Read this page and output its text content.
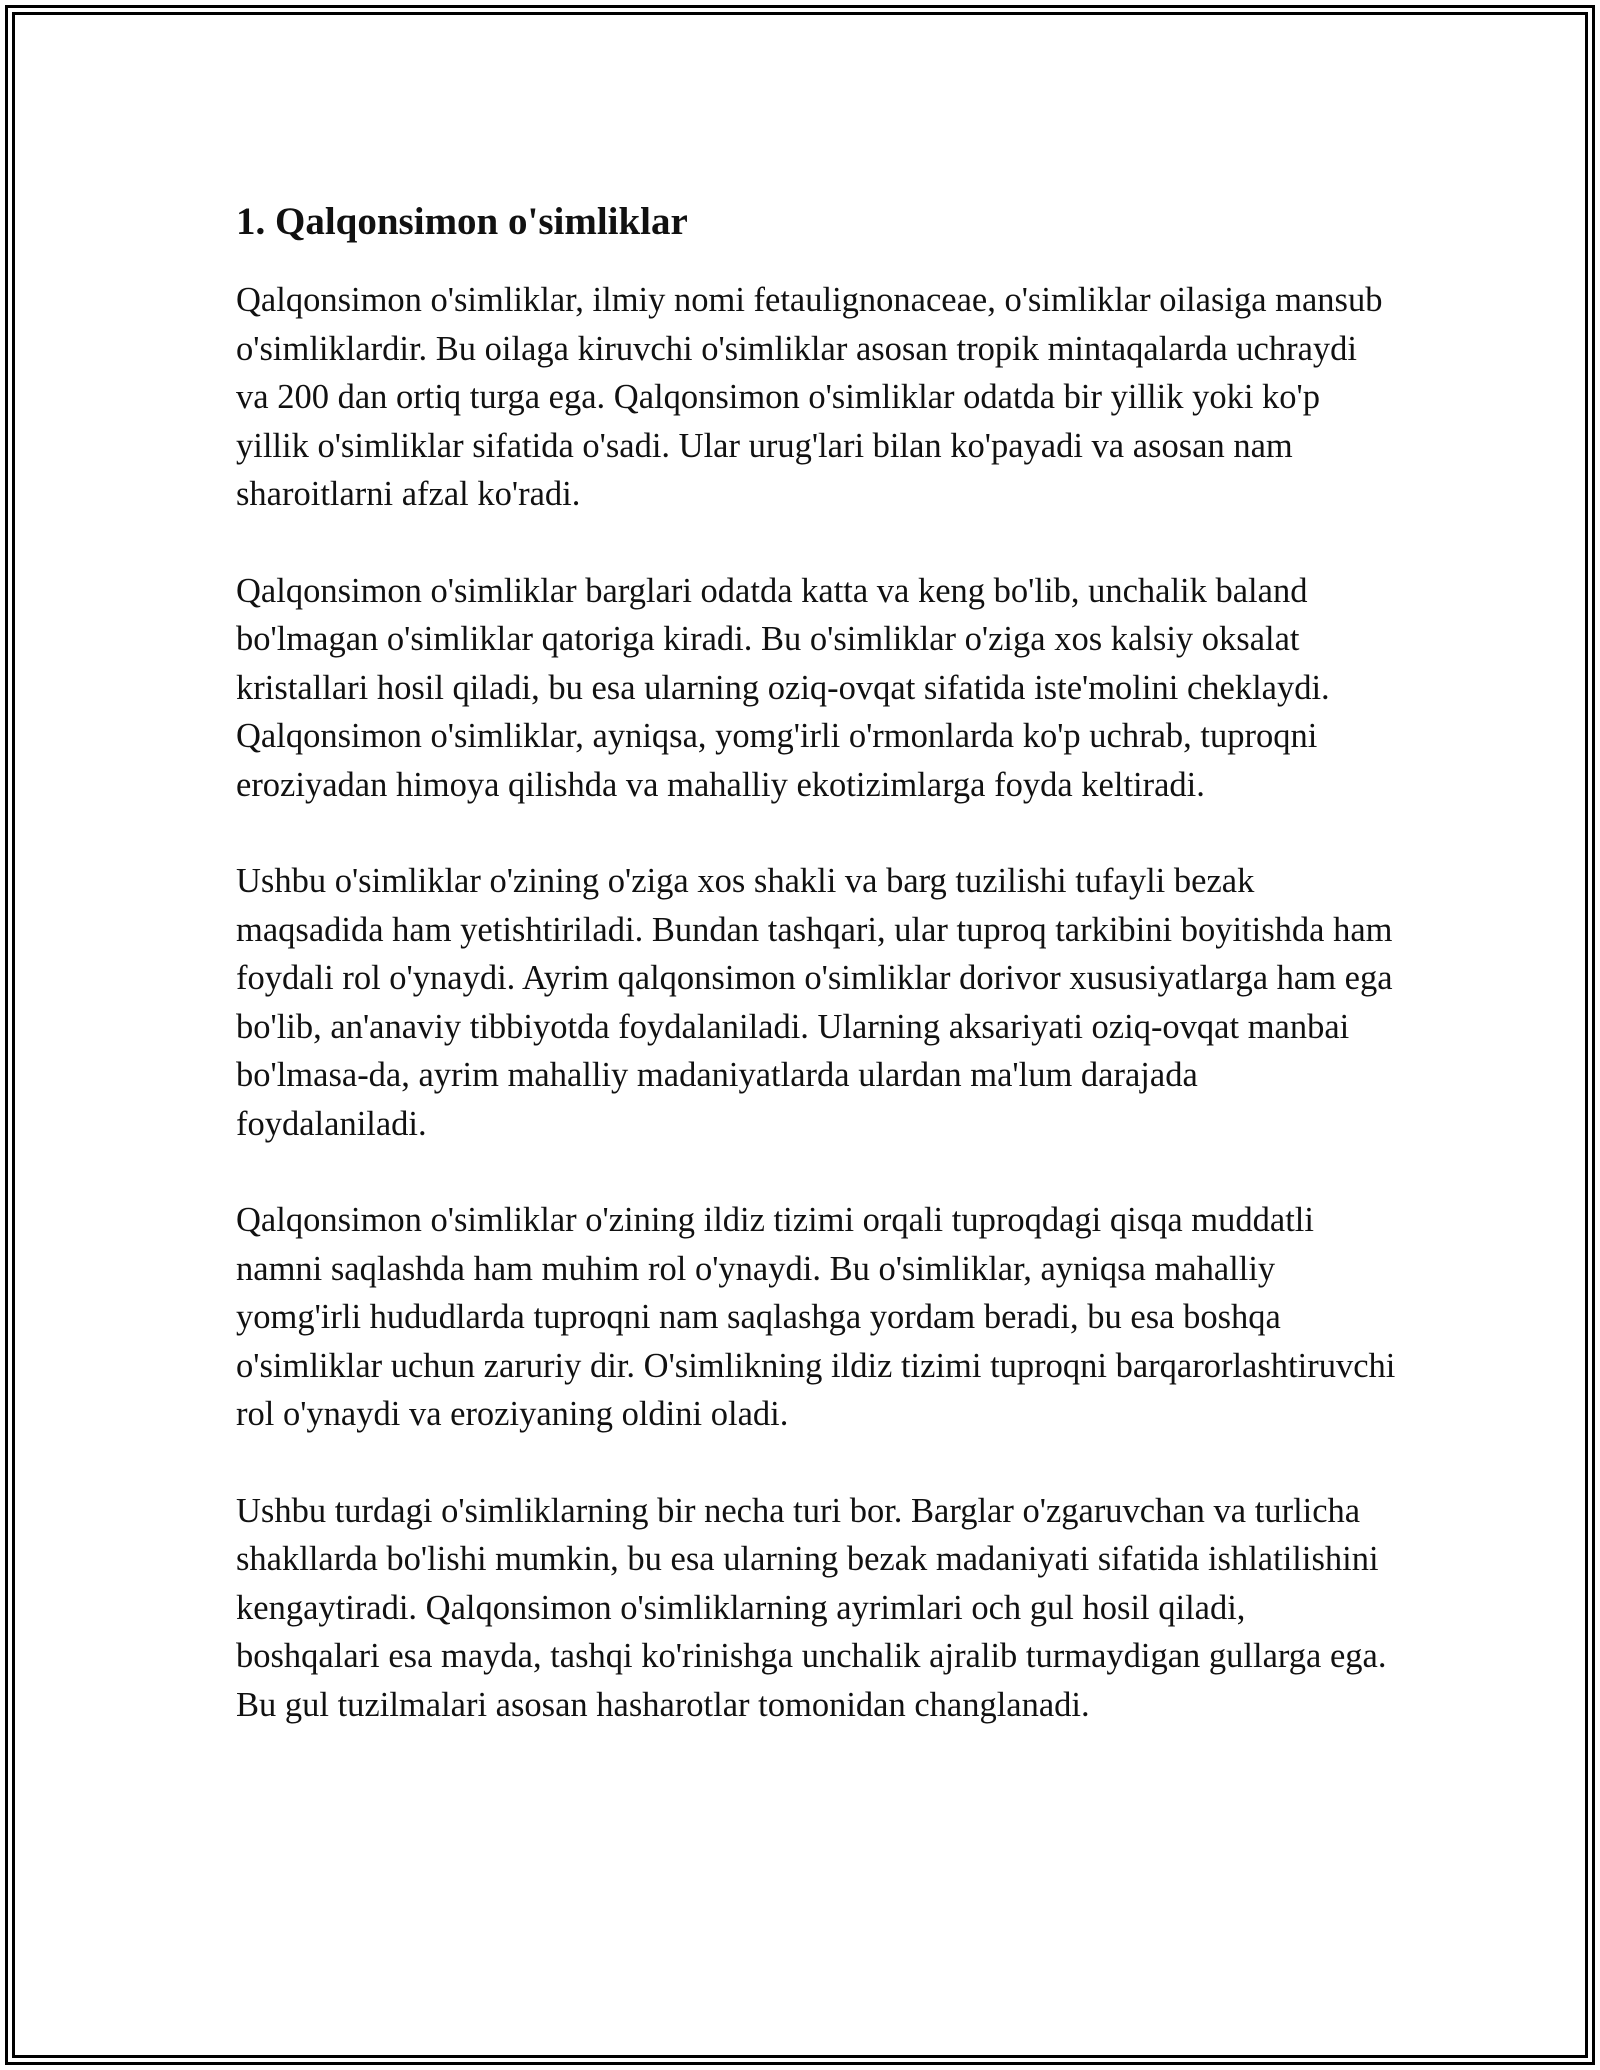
1. Qalqonsimon o'simliklar

Qalqonsimon o'simliklar, ilmiy nomi fetaulignonaceae, o'simliklar oilasiga mansub o'simliklardir. Bu oilaga kiruvchi o'simliklar asosan tropik mintaqalarda uchraydi va 200 dan ortiq turga ega. Qalqonsimon o'simliklar odatda bir yillik yoki ko'p yillik o'simliklar sifatida o'sadi. Ular urug'lari bilan ko'payadi va asosan nam sharoitlarni afzal ko'radi.

Qalqonsimon o'simliklar barglari odatda katta va keng bo'lib, unchalik baland bo'lmagan o'simliklar qatoriga kiradi. Bu o'simliklar o'ziga xos kalsiy oksalat kristallari hosil qiladi, bu esa ularning oziq-ovqat sifatida iste'molini cheklaydi. Qalqonsimon o'simliklar, ayniqsa, yomg'irli o'rmonlarda ko'p uchrab, tuproqni eroziyadan himoya qilishda va mahalliy ekotizimlarga foyda keltiradi.

Ushbu o'simliklar o'zining o'ziga xos shakli va barg tuzilishi tufayli bezak maqsadida ham yetishtiriladi. Bundan tashqari, ular tuproq tarkibini boyitishda ham foydali rol o'ynaydi. Ayrim qalqonsimon o'simliklar dorivor xususiyatlarga ham ega bo'lib, an'anaviy tibbiyotda foydalaniladi. Ularning aksariyati oziq-ovqat manbai bo'lmasa-da, ayrim mahalliy madaniyatlarda ulardan ma'lum darajada foydalaniladi.

Qalqonsimon o'simliklar o'zining ildiz tizimi orqali tuproqdagi qisqa muddatli namni saqlashda ham muhim rol o'ynaydi. Bu o'simliklar, ayniqsa mahalliy yomg'irli hududlarda tuproqni nam saqlashga yordam beradi, bu esa boshqa o'simliklar uchun zaruriy dir. O'simlikning ildiz tizimi tuproqni barqarorlashtiruvchi rol o'ynaydi va eroziyaning oldini oladi.

Ushbu turdagi o'simliklarning bir necha turi bor. Barglar o'zgaruvchan va turlicha shakllarda bo'lishi mumkin, bu esa ularning bezak madaniyati sifatida ishlatilishini kengaytiradi. Qalqonsimon o'simliklarning ayrimlari och gul hosil qiladi, boshqalari esa mayda, tashqi ko'rinishga unchalik ajralib turmaydigan gullarga ega. Bu gul tuzilmalari asosan hasharotlar tomonidan changlanadi.
